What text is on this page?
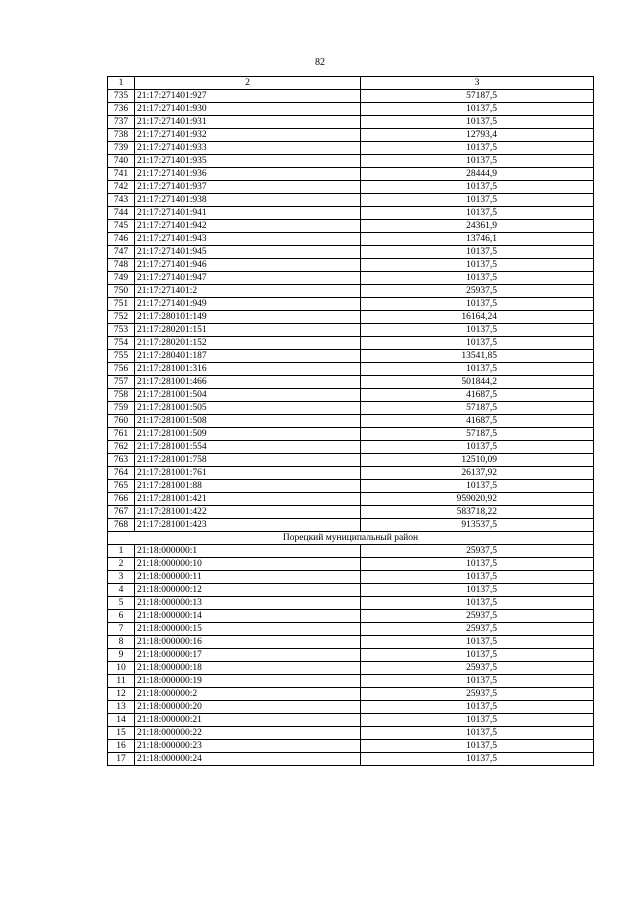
82
1	2	3
735	21:17:271401:927	57187,5
736	21:17:271401:930	10137,5
737	21:17:271401:931	10137,5
738	21:17:271401:932	12793,4
739	21:17:271401:933	10137,5
740	21:17:271401:935	10137,5
741	21:17:271401:936	28444,9
742	21:17:271401:937	10137,5
743	21:17:271401:938	10137,5
744	21:17:271401:941	10137,5
745	21:17:271401:942	24361,9
746	21:17:271401:943	13746,1
747	21:17:271401:945	10137,5
748	21:17:271401:946	10137,5
749	21:17:271401:947	10137,5
750	21:17:271401:2	25937,5
751	21:17:271401:949	10137,5
752	21:17:280101:149	16164,24
753	21:17:280201:151	10137,5
754	21:17:280201:152	10137,5
755	21:17:280401:187	13541,85
756	21:17:281001:316	10137,5
757	21:17:281001:466	501844,2
758	21:17:281001:504	41687,5
759	21:17:281001:505	57187,5
760	21:17:281001:508	41687,5
761	21:17:281001:509	57187,5
762	21:17:281001:554	10137,5
763	21:17:281001:758	12510,09
764	21:17:281001:761	26137,92
765	21:17:281001:88	10137,5
766	21:17:281001:421	959020,92
767	21:17:281001:422	583718,22
768	21:17:281001:423	913537,5
Порецкий муниципальный район		
1	21:18:000000:1	25937,5
2	21:18:000000:10	10137,5
3	21:18:000000:11	10137,5
4	21:18:000000:12	10137,5
5	21:18:000000:13	10137,5
6	21:18:000000:14	25937,5
7	21:18:000000:15	25937,5
8	21:18:000000:16	10137,5
9	21:18:000000:17	10137,5
10	21:18:000000:18	25937,5
11	21:18:000000:19	10137,5
12	21:18:000000:2	25937,5
13	21:18:000000:20	10137,5
14	21:18:000000:21	10137,5
15	21:18:000000:22	10137,5
16	21:18:000000:23	10137,5
17	21:18:000000:24	10137,5
